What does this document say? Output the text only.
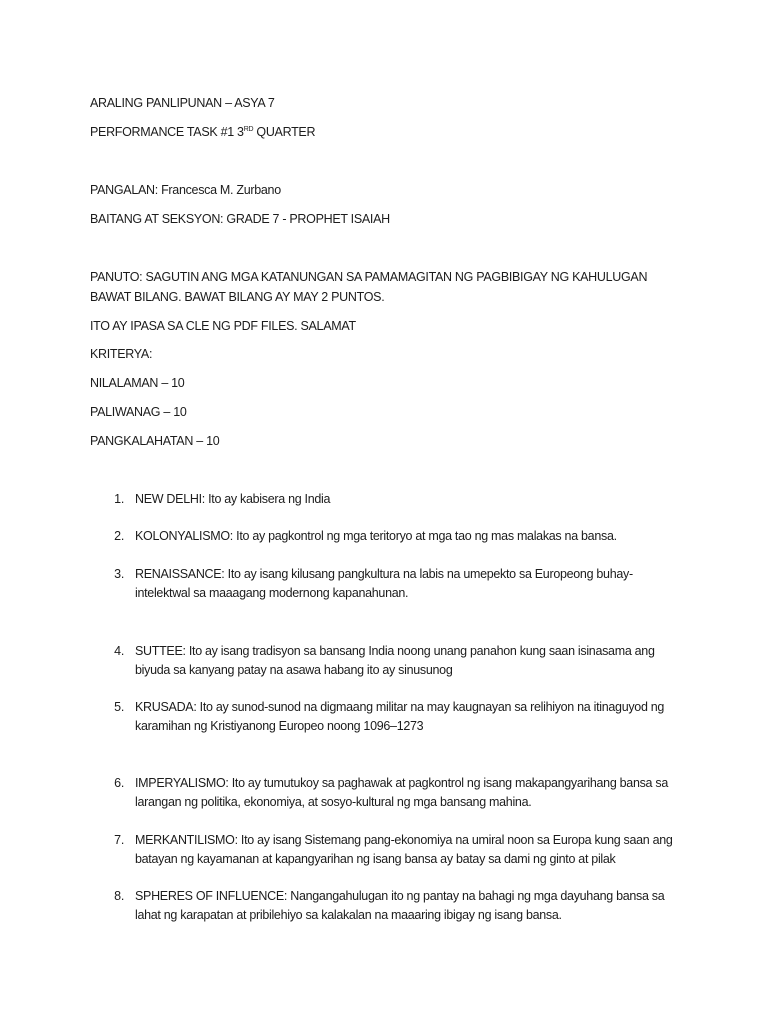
ARALING PANLIPUNAN – ASYA 7
PERFORMANCE TASK #1 3RD QUARTER
PANGALAN: Francesca M. Zurbano
BAITANG AT SEKSYON: GRADE 7 - PROPHET ISAIAH
PANUTO: SAGUTIN ANG MGA KATANUNGAN SA PAMAMAGITAN NG PAGBIBIGAY NG KAHULUGAN
BAWAT BILANG. BAWAT BILANG AY MAY 2 PUNTOS.
ITO AY IPASA SA CLE NG PDF FILES. SALAMAT
KRITERYA:
NILALAMAN – 10
PALIWANAG – 10
PANGKALAHATAN – 10
1. NEW DELHI: Ito ay kabisera ng India
2. KOLONYALISMO: Ito ay pagkontrol ng mga teritoryo at mga tao ng mas malakas na bansa.
3. RENAISSANCE: Ito ay isang kilusang pangkultura na labis na umepekto sa Europeong buhay-intelektwal sa maaagang modernong kapanahunan.
4. SUTTEE: Ito ay isang tradisyon sa bansang India noong unang panahon kung saan isinasama ang biyuda sa kanyang patay na asawa habang ito ay sinusunog
5. KRUSADA: Ito ay sunod-sunod na digmaang militar na may kaugnayan sa relihiyon na itinaguyod ng karamihan ng Kristiyanong Europeo noong 1096–1273
6. IMPERYALISMO: Ito ay tumutukoy sa paghawak at pagkontrol ng isang makapangyarihang bansa sa larangan ng politika, ekonomiya, at sosyo-kultural ng mga bansang mahina.
7. MERKANTILISMO: Ito ay isang Sistemang pang-ekonomiya na umiral noon sa Europa kung saan ang batayan ng kayamanan at kapangyarihan ng isang bansa ay batay sa dami ng ginto at pilak
8. SPHERES OF INFLUENCE: Nangangahulugan ito ng pantay na bahagi ng mga dayuhang bansa sa lahat ng karapatan at pribilehiyo sa kalakalan na maaaring ibigay ng isang bansa.
